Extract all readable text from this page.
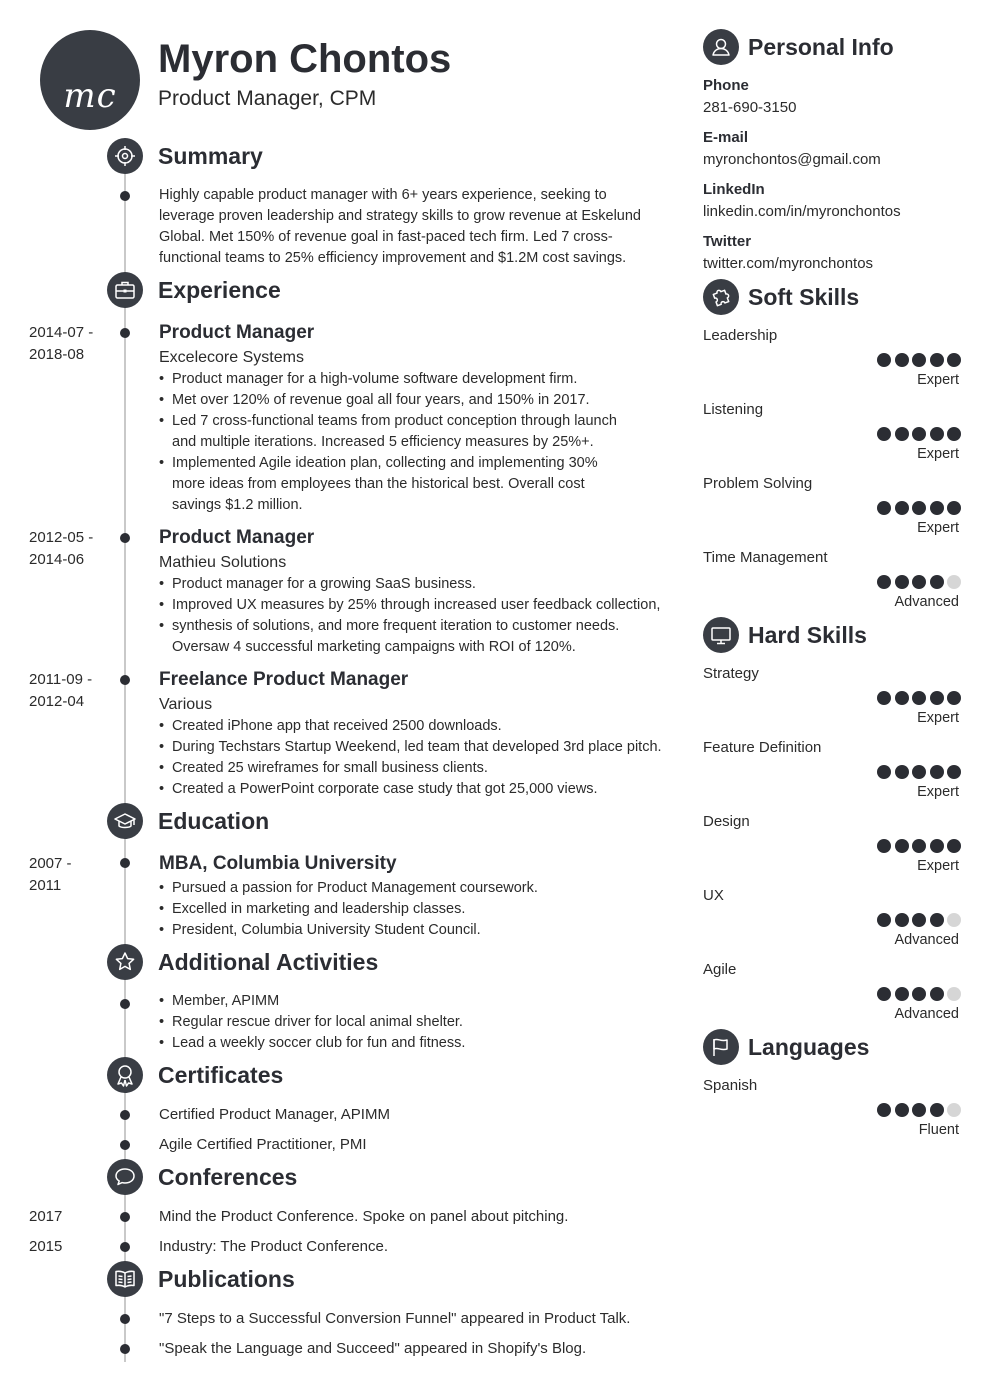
mc
Myron Chontos
Product Manager, CPM
Summary
Highly capable product manager with 6+ years experience, seeking to leverage proven leadership and strategy skills to grow revenue at Eskelund Global. Met 150% of revenue goal in fast-paced tech firm. Led 7 cross-functional teams to 25% efficiency improvement and $1.2M cost savings.
Experience
2014-07 -
2018-08
Product Manager
Excelecore Systems
• Product manager for a high-volume software development firm.
• Met over 120% of revenue goal all four years, and 150% in 2017.
• Led 7 cross-functional teams from product conception through launch and multiple iterations. Increased 5 efficiency measures by 25%+.
• Implemented Agile ideation plan, collecting and implementing 30% more ideas from employees than the historical best. Overall cost savings $1.2 million.
2012-05 -
2014-06
Product Manager
Mathieu Solutions
• Product manager for a growing SaaS business.
• Improved UX measures by 25% through increased user feedback collection,
• synthesis of solutions, and more frequent iteration to customer needs. Oversaw 4 successful marketing campaigns with ROI of 120%.
2011-09 -
2012-04
Freelance Product Manager
Various
• Created iPhone app that received 2500 downloads.
• During Techstars Startup Weekend, led team that developed 3rd place pitch.
• Created 25 wireframes for small business clients.
• Created a PowerPoint corporate case study that got 25,000 views.
Education
2007 -
2011
MBA, Columbia University
• Pursued a passion for Product Management coursework.
• Excelled in marketing and leadership classes.
• President, Columbia University Student Council.
Additional Activities
• Member, APIMM
• Regular rescue driver for local animal shelter.
• Lead a weekly soccer club for fun and fitness.
Certificates
Certified Product Manager, APIMM
Agile Certified Practitioner, PMI
Conferences
2017	Mind the Product Conference. Spoke on panel about pitching.
2015	Industry: The Product Conference.
Publications
"7 Steps to a Successful Conversion Funnel" appeared in Product Talk.
"Speak the Language and Succeed" appeared in Shopify's Blog.
Personal Info
Phone
281-690-3150
E-mail
myronchontos@gmail.com
LinkedIn
linkedin.com/in/myronchontos
Twitter
twitter.com/myronchontos
Soft Skills
Leadership
Expert
Listening
Expert
Problem Solving
Expert
Time Management
Advanced
Hard Skills
Strategy
Expert
Feature Definition
Expert
Design
Expert
UX
Advanced
Agile
Advanced
Languages
Spanish
Fluent
